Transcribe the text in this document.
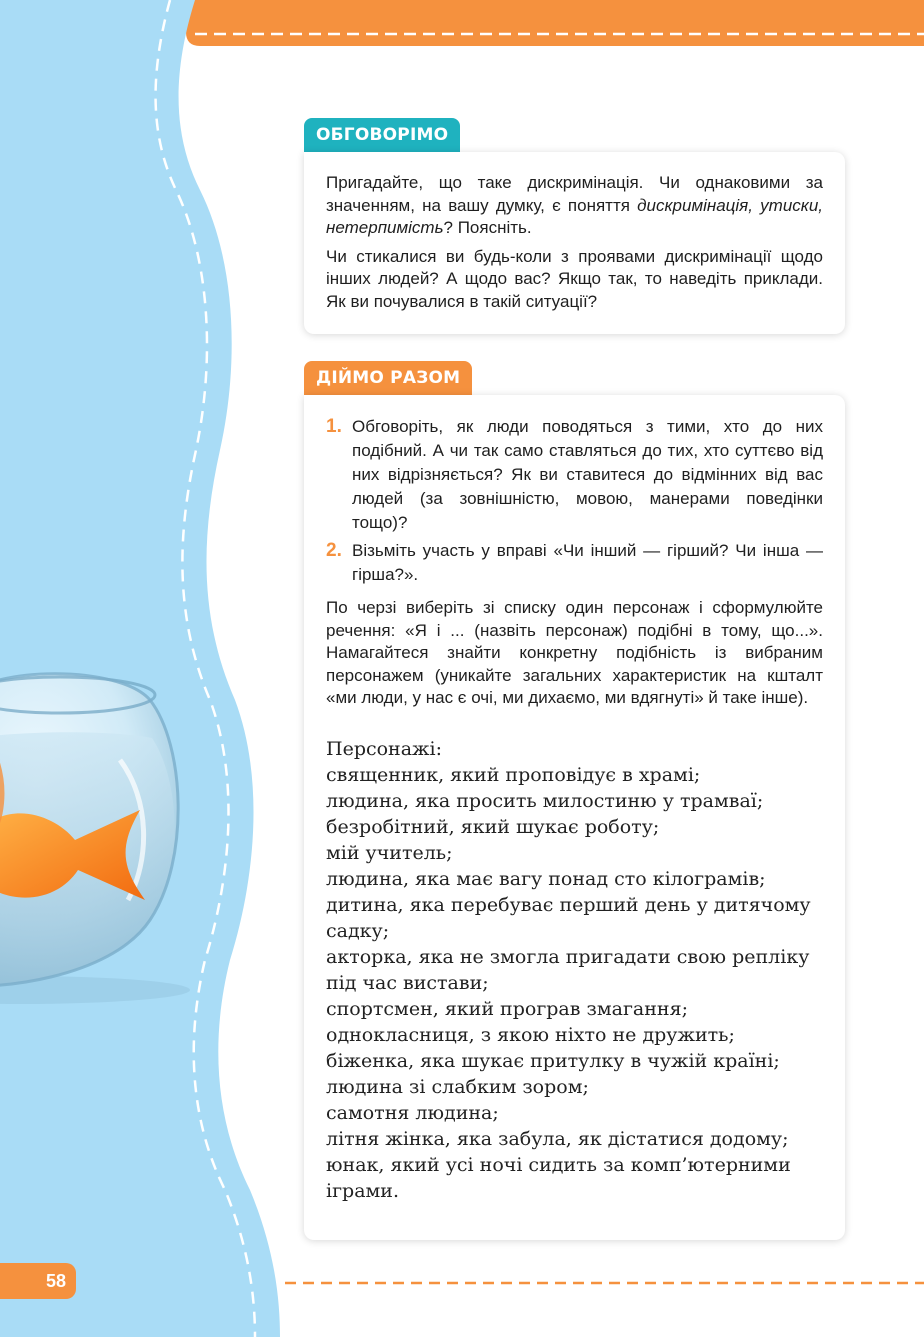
ОБГОВОРІМО

Пригадайте, що таке дискримінація. Чи однаковими за значенням, на вашу думку, є поняття дискримінація, утиски, нетерпимість? Поясніть.

Чи стикалися ви будь-коли з проявами дискримінації щодо інших людей? А щодо вас? Якщо так, то наведіть приклади. Як ви почувалися в такій ситуації?

ДІЙМО РАЗОМ
1. Обговоріть, як люди поводяться з тими, хто до них подібний. А чи так само ставляться до тих, хто суттєво від них відрізняється? Як ви ставитеся до відмінних від вас людей (за зовнішністю, мовою, манерами поведінки тощо)?
2. Візьміть участь у вправі «Чи інший — гірший? Чи інша — гірша?».

По черзі виберіть зі списку один персонаж і сформулюйте речення: «Я і ... (назвіть персонаж) подібні в тому, що...». Намагайтеся знайти конкретну подібність із вибраним персонажем (уникайте загальних характеристик на кшталт «ми люди, у нас є очі, ми дихаємо, ми вдягнуті» й таке інше).

Персонажі:
священник, який проповідує в храмі;
людина, яка просить милостиню у трамваї;
безробітний, який шукає роботу;
мій учитель;
людина, яка має вагу понад сто кілограмів;
дитина, яка перебуває перший день у дитячому садку;
акторка, яка не змогла пригадати свою репліку під час вистави;
спортсмен, який програв змагання;
однокласниця, з якою ніхто не дружить;
біженка, яка шукає притулку в чужій країні;
людина зі слабким зором;
самотня людина;
літня жінка, яка забула, як дістатися додому;
юнак, який усі ночі сидить за комп’ютерними іграми.
58
